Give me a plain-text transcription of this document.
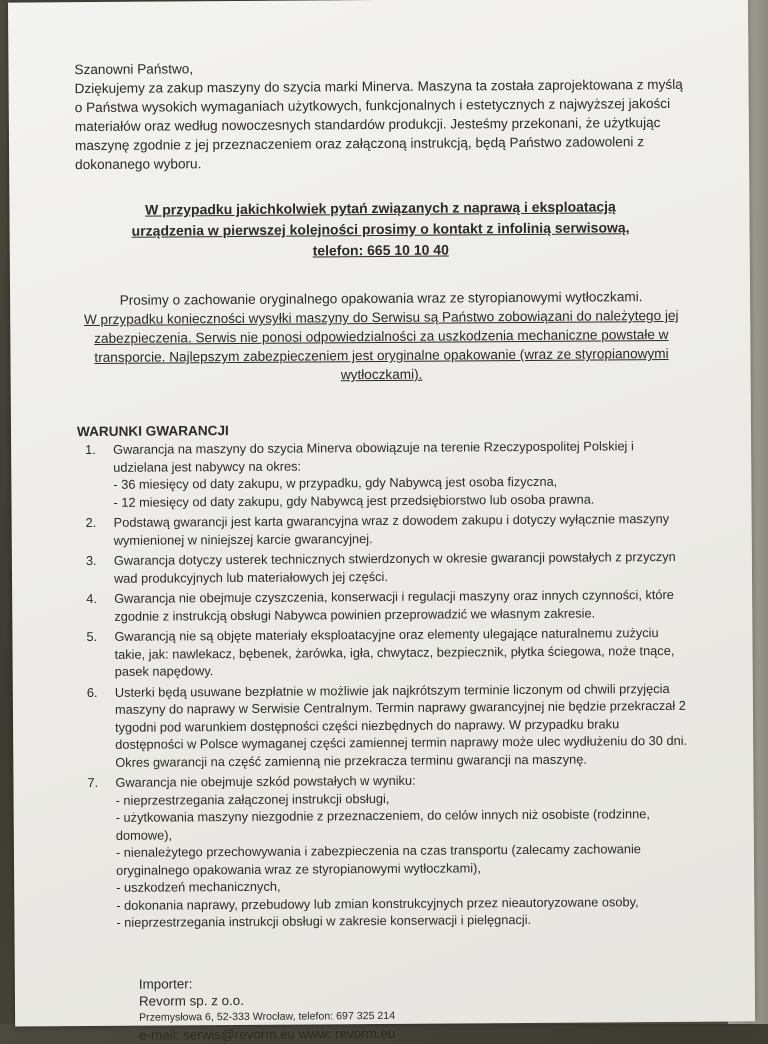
Szanowni Państwo,

Dziękujemy za zakup maszyny do szycia marki Minerva. Maszyna ta została zaprojektowana z myślą o Państwa wysokich wymaganiach użytkowych, funkcjonalnych i estetycznych z najwyższej jakości materiałów oraz według nowoczesnych standardów produkcji. Jesteśmy przekonani, że użytkując maszynę zgodnie z jej przeznaczeniem oraz załączoną instrukcją, będą Państwo zadowoleni z dokonanego wyboru.

W przypadku jakichkolwiek pytań związanych z naprawą i eksploatacją
urządzenia w pierwszej kolejności prosimy o kontakt z infolinią serwisową,
telefon: 665 10 10 40
Prosimy o zachowanie oryginalnego opakowania wraz ze styropianowymi wytłoczkami.
W przypadku konieczności wysyłki maszyny do Serwisu są Państwo zobowiązani do należytego jej zabezpieczenia. Serwis nie ponosi odpowiedzialności za uszkodzenia mechaniczne powstałe w transporcie. Najlepszym zabezpieczeniem jest oryginalne opakowanie (wraz ze styropianowymi wytłoczkami).
WARUNKI GWARANCJI
1.	Gwarancja na maszyny do szycia Minerva obowiązuje na terenie Rzeczypospolitej Polskiej i udzielana jest nabywcy na okres:
- 36 miesięcy od daty zakupu, w przypadku, gdy Nabywcą jest osoba fizyczna,
- 12 miesięcy od daty zakupu, gdy Nabywcą jest przedsiębiorstwo lub osoba prawna.
2.	Podstawą gwarancji jest karta gwarancyjna wraz z dowodem zakupu i dotyczy wyłącznie maszyny wymienionej w niniejszej karcie gwarancyjnej.
3.	Gwarancja dotyczy usterek technicznych stwierdzonych w okresie gwarancji powstałych z przyczyn wad produkcyjnych lub materiałowych jej części.
4.	Gwarancja nie obejmuje czyszczenia, konserwacji i regulacji maszyny oraz innych czynności, które zgodnie z instrukcją obsługi Nabywca powinien przeprowadzić we własnym zakresie.
5.	Gwarancją nie są objęte materiały eksploatacyjne oraz elementy ulegające naturalnemu zużyciu takie, jak: nawlekacz, bębenek, żarówka, igła, chwytacz, bezpiecznik, płytka ściegowa, noże tnące, pasek napędowy.
6.	Usterki będą usuwane bezpłatnie w możliwie jak najkrótszym terminie liczonym od chwili przyjęcia maszyny do naprawy w Serwisie Centralnym. Termin naprawy gwarancyjnej nie będzie przekraczał 2 tygodni pod warunkiem dostępności części niezbędnych do naprawy. W przypadku braku dostępności w Polsce wymaganej części zamiennej termin naprawy może ulec wydłużeniu do 30 dni. Okres gwarancji na część zamienną nie przekracza terminu gwarancji na maszynę.
7.	Gwarancja nie obejmuje szkód powstałych w wyniku:
- nieprzestrzegania załączonej instrukcji obsługi,
- użytkowania maszyny niezgodnie z przeznaczeniem, do celów innych niż osobiste (rodzinne, domowe),
- nienależytego przechowywania i zabezpieczenia na czas transportu (zalecamy zachowanie oryginalnego opakowania wraz ze styropianowymi wytłoczkami),
- uszkodzeń mechanicznych,
- dokonania naprawy, przebudowy lub zmian konstrukcyjnych przez nieautoryzowane osoby,
- nieprzestrzegania instrukcji obsługi w zakresie konserwacji i pielęgnacji.
Importer:
Revorm sp. z o.o.
Przemysłowa 6, 52-333 Wrocław, telefon: 697 325 214
e-mail: serwis@revorm.eu www: revorm.eu
